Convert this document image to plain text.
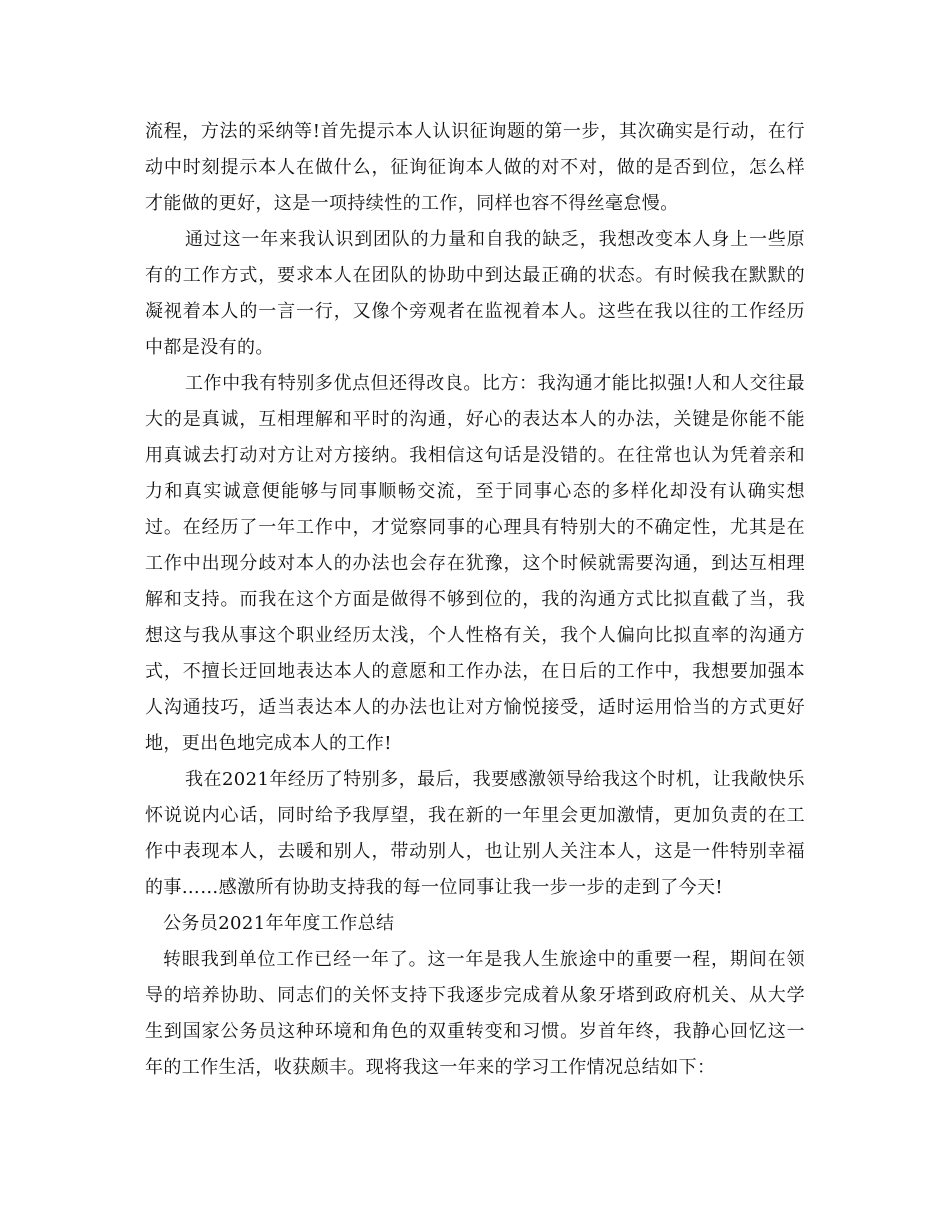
流程，方法的采纳等!首先提示本人认识征询题的第一步，其次确实是行动，在行动中时刻提示本人在做什么，征询征询本人做的对不对，做的是否到位，怎么样才能做的更好，这是一项持续性的工作，同样也容不得丝毫怠慢。

通过这一年来我认识到团队的力量和自我的缺乏，我想改变本人身上一些原有的工作方式，要求本人在团队的协助中到达最正确的状态。有时候我在默默的凝视着本人的一言一行，又像个旁观者在监视着本人。这些在我以往的工作经历中都是没有的。

工作中我有特别多优点但还得改良。比方：我沟通才能比拟强!人和人交往最大的是真诚，互相理解和平时的沟通，好心的表达本人的办法，关键是你能不能用真诚去打动对方让对方接纳。我相信这句话是没错的。在往常也认为凭着亲和力和真实诚意便能够与同事顺畅交流，至于同事心态的多样化却没有认确实想过。在经历了一年工作中，才觉察同事的心理具有特别大的不确定性，尤其是在工作中出现分歧对本人的办法也会存在犹豫，这个时候就需要沟通，到达互相理解和支持。而我在这个方面是做得不够到位的，我的沟通方式比拟直截了当，我想这与我从事这个职业经历太浅，个人性格有关，我个人偏向比拟直率的沟通方式，不擅长迂回地表达本人的意愿和工作办法，在日后的工作中，我想要加强本人沟通技巧，适当表达本人的办法也让对方愉悦接受，适时运用恰当的方式更好地，更出色地完成本人的工作!

我在2021年经历了特别多，最后，我要感激领导给我这个时机，让我敞快乐怀说说内心话，同时给予我厚望，我在新的一年里会更加激情，更加负责的在工作中表现本人，去暖和别人，带动别人，也让别人关注本人，这是一件特别幸福的事……感激所有协助支持我的每一位同事让我一步一步的走到了今天!

公务员2021年年度工作总结

转眼我到单位工作已经一年了。这一年是我人生旅途中的重要一程，期间在领导的培养协助、同志们的关怀支持下我逐步完成着从象牙塔到政府机关、从大学生到国家公务员这种环境和角色的双重转变和习惯。岁首年终，我静心回忆这一年的工作生活，收获颇丰。现将我这一年来的学习工作情况总结如下：
